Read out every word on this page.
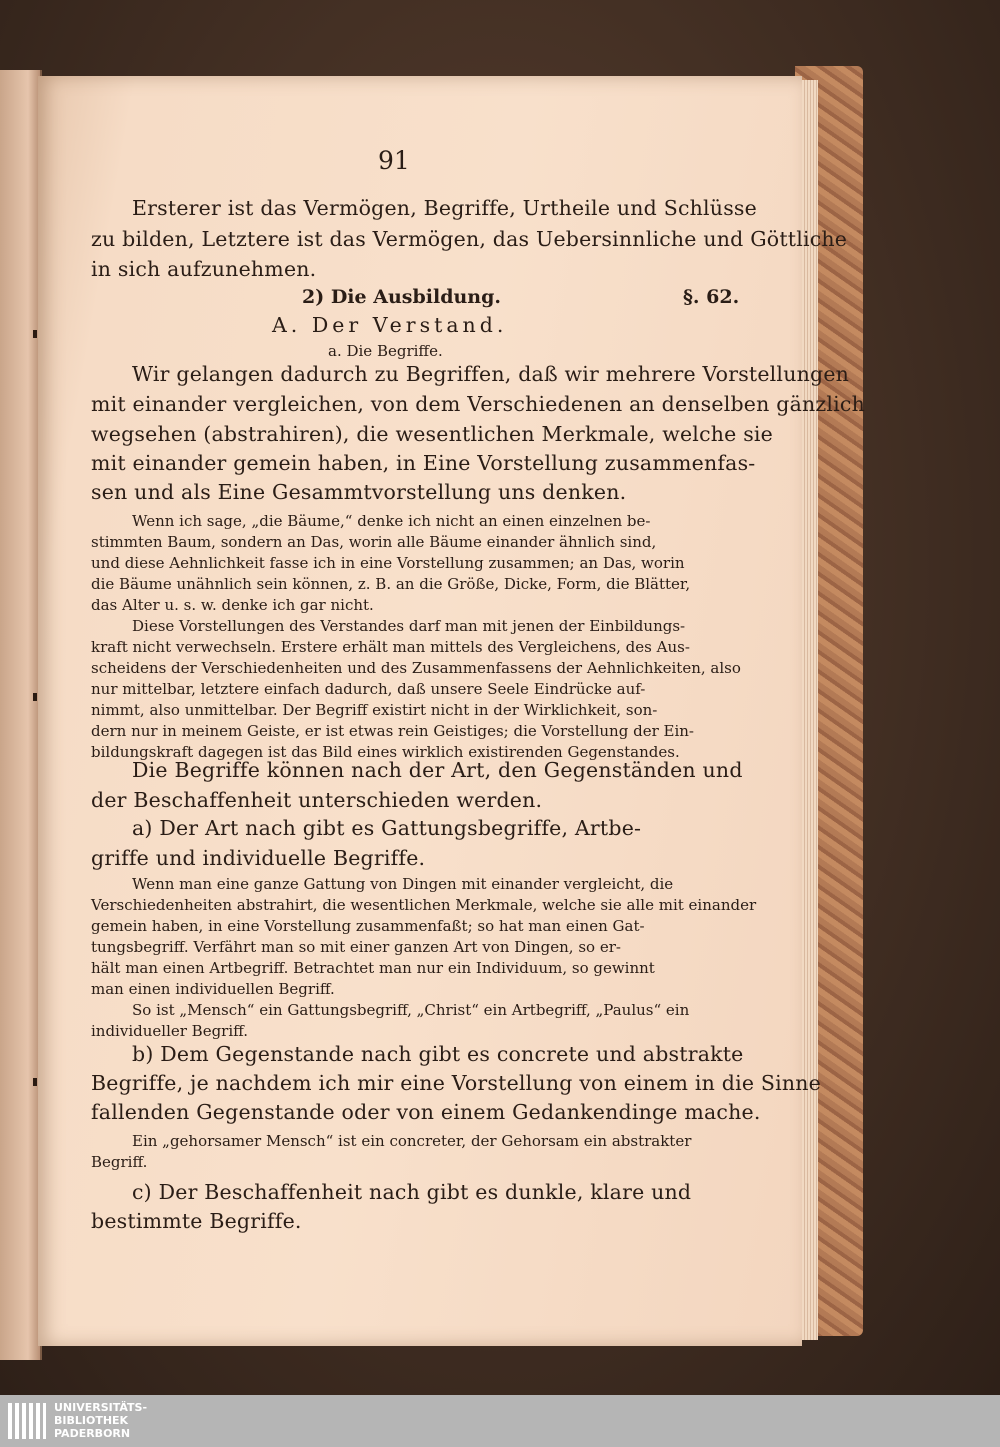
91
Ersterer ist das Vermögen, Begriffe, Urtheile und Schlüsse
zu bilden, Letztere ist das Vermögen, das Uebersinnliche und Göttliche
in sich aufzunehmen.
2) Die Ausbildung.	§. 62.
A. Der Verstand.
a. Die Begriffe.
Wir gelangen dadurch zu Begriffen, daß wir mehrere Vorstellungen
mit einander vergleichen, von dem Verschiedenen an denselben gänzlich
wegsehen (abstrahiren), die wesentlichen Merkmale, welche sie
mit einander gemein haben, in Eine Vorstellung zusammenfas-
sen und als Eine Gesammtvorstellung uns denken.
Wenn ich sage, „die Bäume,“ denke ich nicht an einen einzelnen be-
stimmten Baum, sondern an Das, worin alle Bäume einander ähnlich sind,
und diese Aehnlichkeit fasse ich in eine Vorstellung zusammen; an Das, worin
die Bäume unähnlich sein können, z. B. an die Größe, Dicke, Form, die Blätter,
das Alter u. s. w. denke ich gar nicht.
Diese Vorstellungen des Verstandes darf man mit jenen der Einbildungs-
kraft nicht verwechseln. Erstere erhält man mittels des Vergleichens, des Aus-
scheidens der Verschiedenheiten und des Zusammenfassens der Aehnlichkeiten, also
nur mittelbar, letztere einfach dadurch, daß unsere Seele Eindrücke auf-
nimmt, also unmittelbar. Der Begriff existirt nicht in der Wirklichkeit, son-
dern nur in meinem Geiste, er ist etwas rein Geistiges; die Vorstellung der Ein-
bildungskraft dagegen ist das Bild eines wirklich existirenden Gegenstandes.
Die Begriffe können nach der Art, den Gegenständen und
der Beschaffenheit unterschieden werden.
a) Der Art nach gibt es Gattungsbegriffe, Artbe-
griffe und individuelle Begriffe.
Wenn man eine ganze Gattung von Dingen mit einander vergleicht, die
Verschiedenheiten abstrahirt, die wesentlichen Merkmale, welche sie alle mit einander
gemein haben, in eine Vorstellung zusammenfaßt; so hat man einen Gat-
tungsbegriff. Verfährt man so mit einer ganzen Art von Dingen, so er-
hält man einen Artbegriff. Betrachtet man nur ein Individuum, so gewinnt
man einen individuellen Begriff.
So ist „Mensch“ ein Gattungsbegriff, „Christ“ ein Artbegriff, „Paulus“ ein
individueller Begriff.
b) Dem Gegenstande nach gibt es concrete und abstrakte
Begriffe, je nachdem ich mir eine Vorstellung von einem in die Sinne
fallenden Gegenstande oder von einem Gedankendinge mache.
Ein „gehorsamer Mensch“ ist ein concreter, der Gehorsam ein abstrakter
Begriff.
c) Der Beschaffenheit nach gibt es dunkle, klare und
bestimmte Begriffe.
UNIVERSITÄTS-
BIBLIOTHEK
PADERBORN
